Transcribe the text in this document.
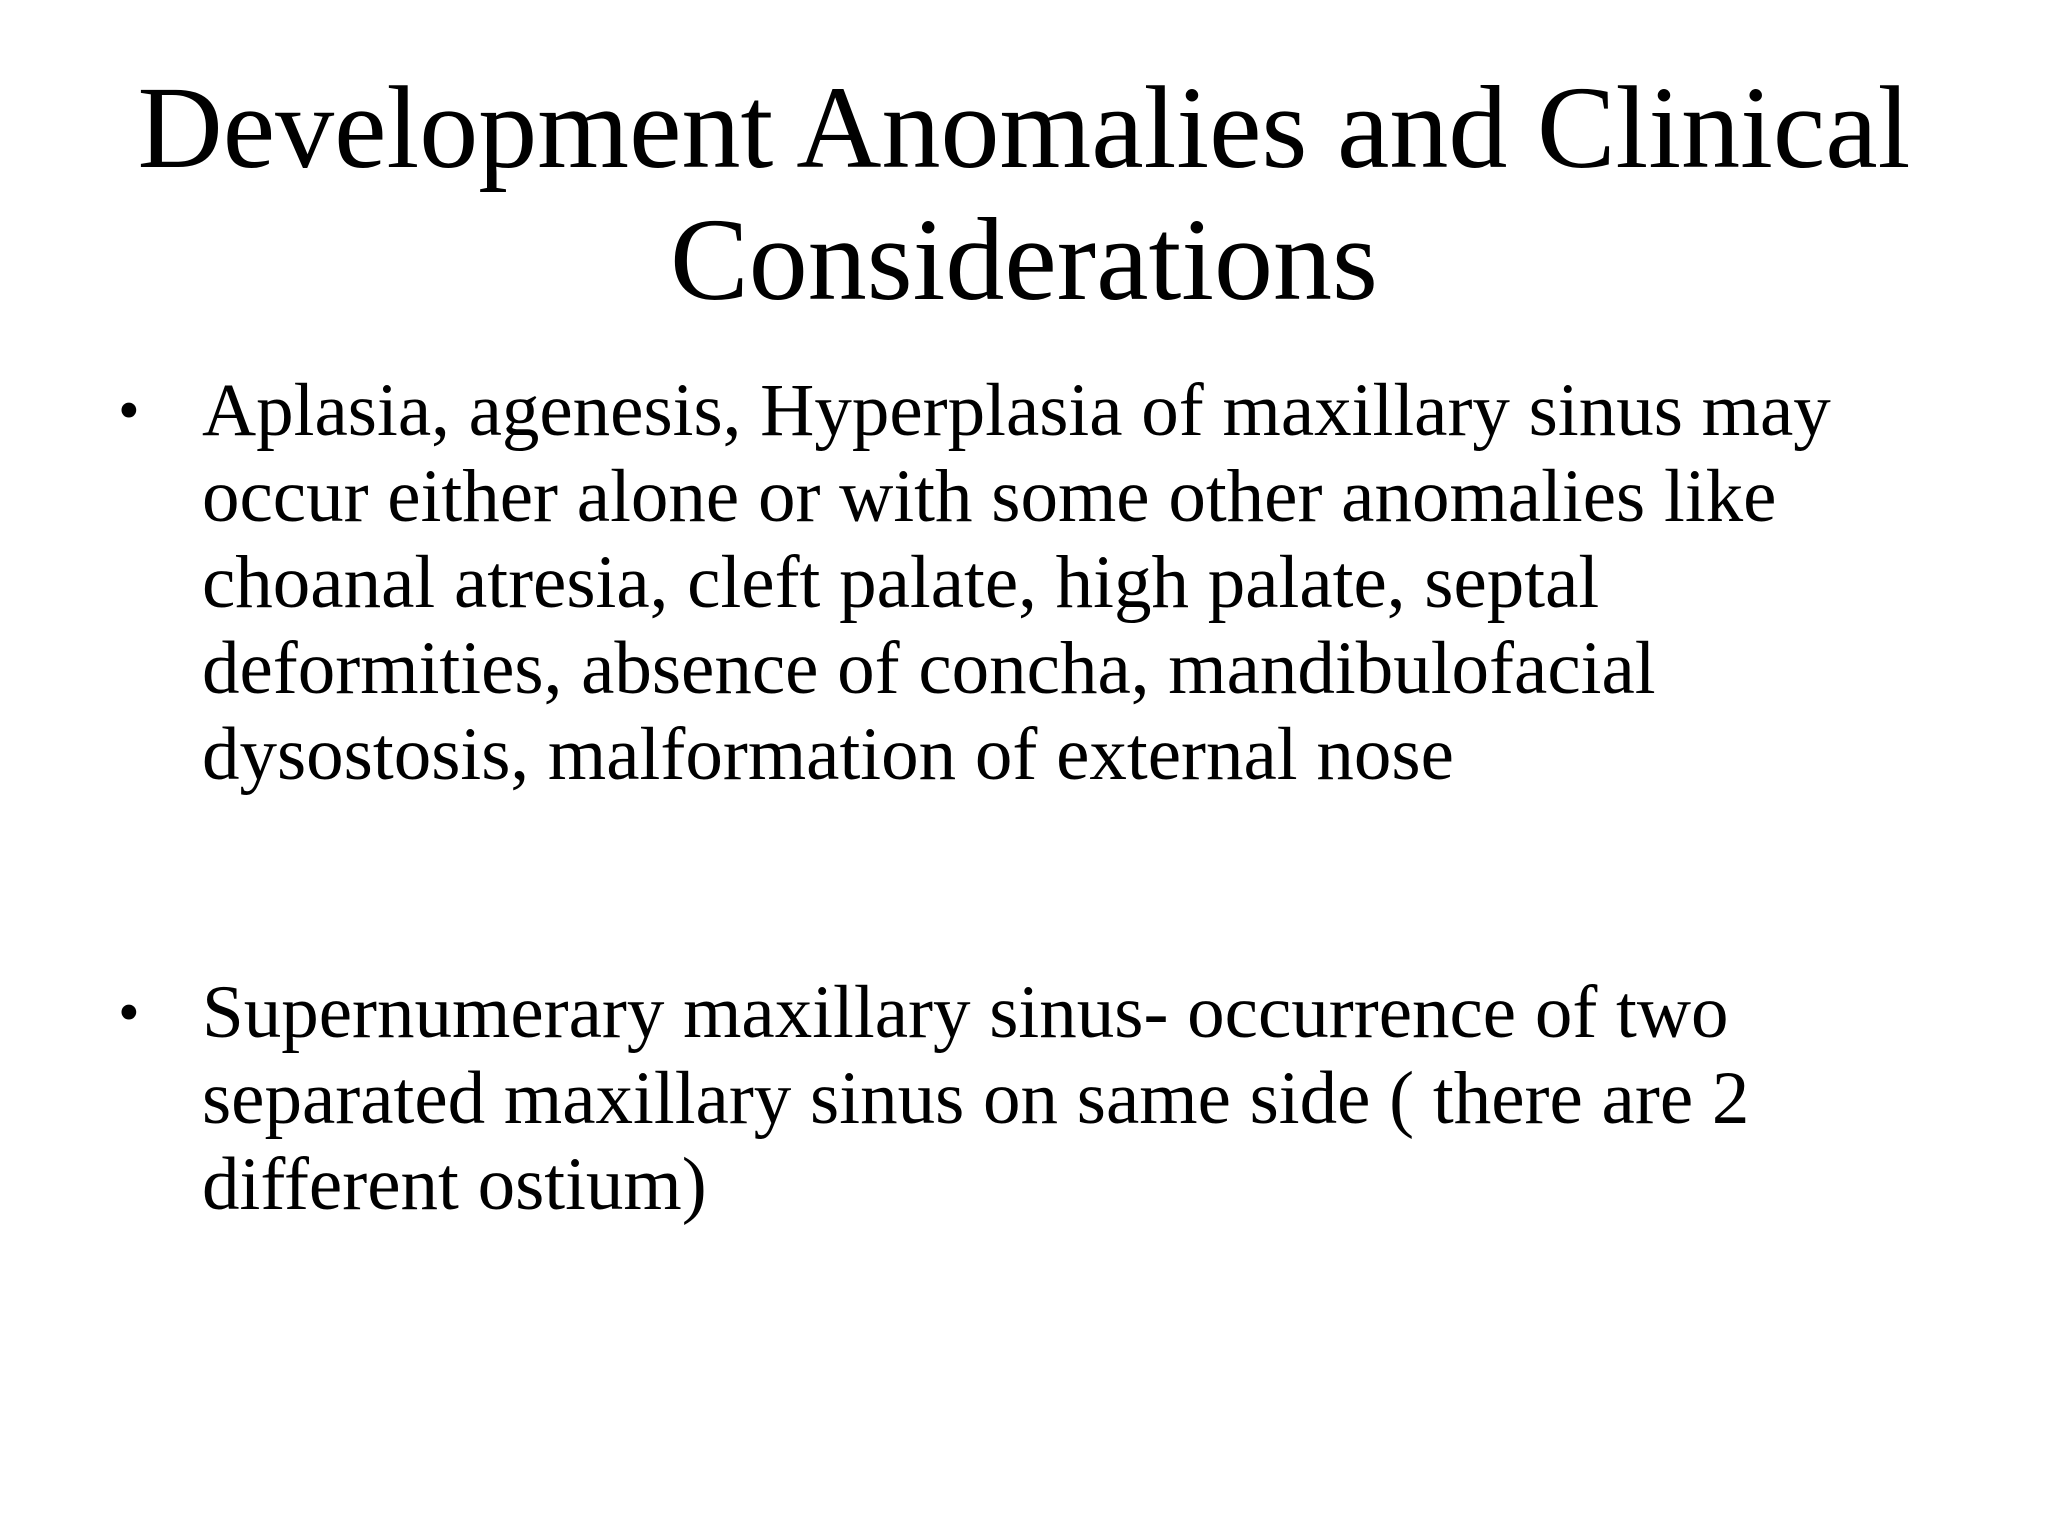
Development Anomalies and Clinical Considerations
• Aplasia, agenesis, Hyperplasia of maxillary sinus may occur either alone or with some other anomalies like choanal atresia, cleft palate, high palate, septal deformities, absence of concha, mandibulofacial dysostosis, malformation of external nose
• Supernumerary maxillary sinus- occurrence of two separated maxillary sinus on same side ( there are 2 different ostium)
